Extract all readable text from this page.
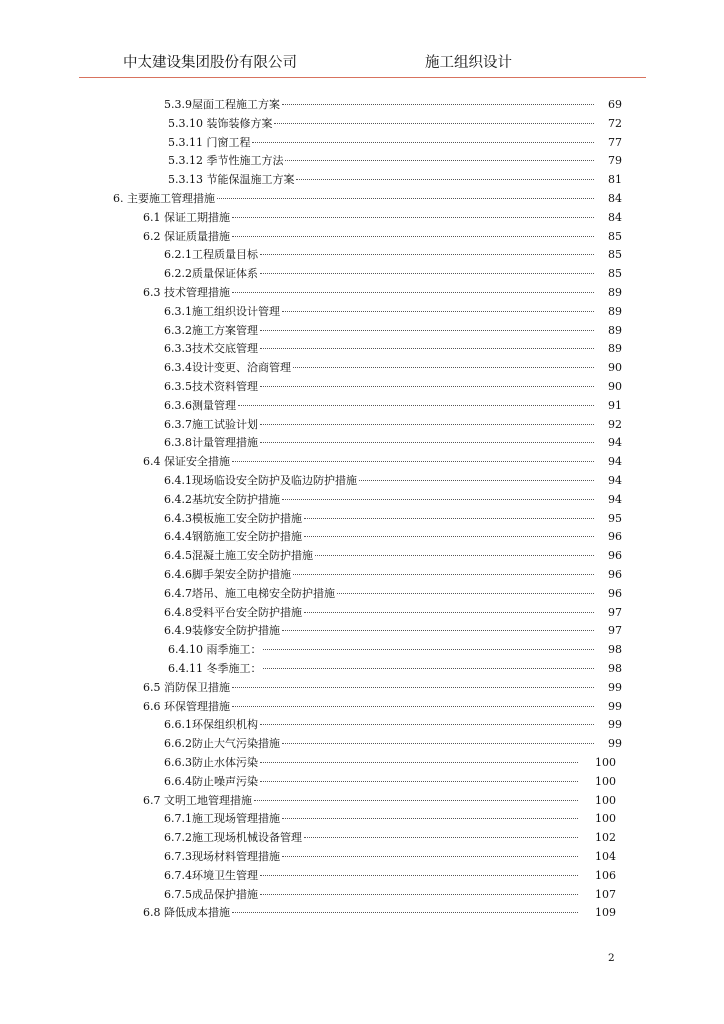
中太建设集团股份有限公司	施工组织设计
5.3.9屋面工程施工方案	69
5.3.10 装饰装修方案	72
5.3.11 门窗工程	77
5.3.12 季节性施工方法	79
5.3.13 节能保温施工方案	81
6. 主要施工管理措施	84
6.1 保证工期措施	84
6.2 保证质量措施	85
6.2.1工程质量目标	85
6.2.2质量保证体系	85
6.3 技术管理措施	89
6.3.1施工组织设计管理	89
6.3.2施工方案管理	89
6.3.3技术交底管理	89
6.3.4设计变更、洽商管理	90
6.3.5技术资料管理	90
6.3.6测量管理	91
6.3.7施工试验计划	92
6.3.8计量管理措施	94
6.4 保证安全措施	94
6.4.1现场临设安全防护及临边防护措施	94
6.4.2基坑安全防护措施	94
6.4.3模板施工安全防护措施	95
6.4.4钢筋施工安全防护措施	96
6.4.5混凝土施工安全防护措施	96
6.4.6脚手架安全防护措施	96
6.4.7塔吊、施工电梯安全防护措施	96
6.4.8受料平台安全防护措施	97
6.4.9装修安全防护措施	97
6.4.10 雨季施工：	98
6.4.11 冬季施工：	98
6.5 消防保卫措施	99
6.6 环保管理措施	99
6.6.1环保组织机构	99
6.6.2防止大气污染措施	99
6.6.3防止水体污染	100
6.6.4防止噪声污染	100
6.7 文明工地管理措施	100
6.7.1施工现场管理措施	100
6.7.2施工现场机械设备管理	102
6.7.3现场材料管理措施	104
6.7.4环境卫生管理	106
6.7.5成品保护措施	107
6.8 降低成本措施	109
2
